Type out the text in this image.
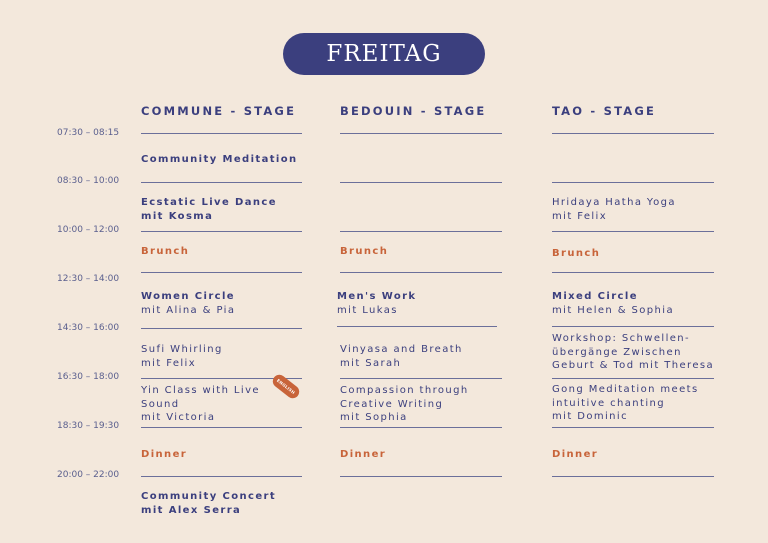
FREITAG
COMMUNE - STAGE	BEDOUIN - STAGE	TAO - STAGE
07:30 – 08:15
08:30 – 10:00
10:00 – 12:00
12:30 – 14:00
14:30 – 16:00
16:30 – 18:00
18:30 – 19:30
20:00 – 22:00
Community Meditation
Ecstatic Live Dance
mit Kosma
Brunch
Women Circle
mit Alina & Pia
Sufi Whirling
mit Felix
Yin Class with Live
Sound
mit Victoria
Dinner
Community Concert
mit Alex Serra
ENGLISH
Brunch
Men's Work
mit Lukas
Vinyasa and Breath
mit Sarah
Compassion through
Creative Writing
mit Sophia
Dinner
Hridaya Hatha Yoga
mit Felix
Brunch
Mixed Circle
mit Helen & Sophia
Workshop: Schwellen-
übergänge Zwischen
Geburt & Tod mit Theresa
Gong Meditation meets
intuitive chanting
mit Dominic
Dinner
